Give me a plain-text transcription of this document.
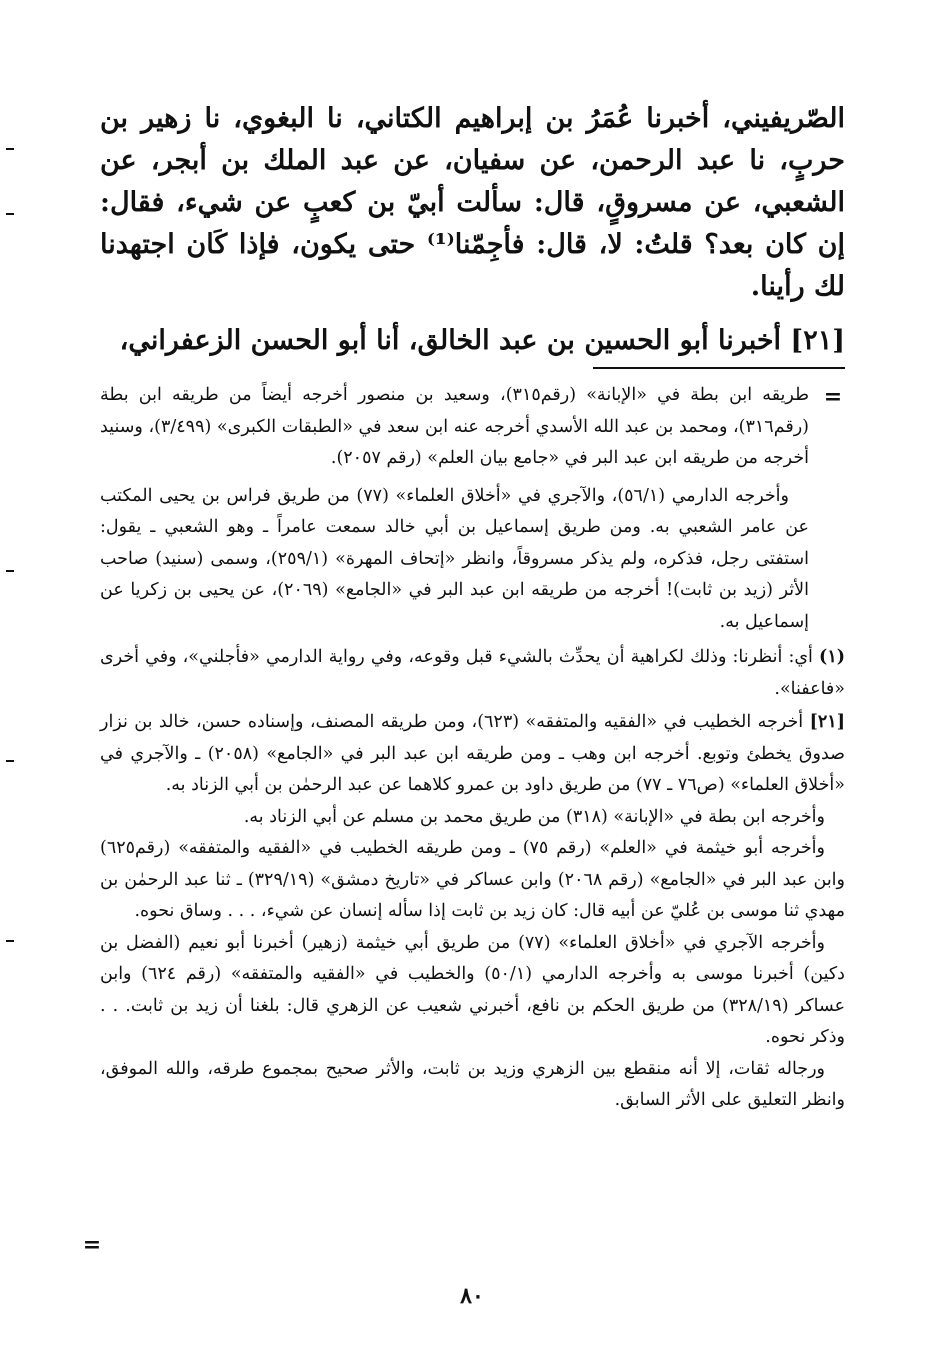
الصّريفيني، أخبرنا عُمَرُ بن إبراهيم الكتاني، نا البغوي، نا زهير بن حربٍ، نا عبد الرحمن، عن سفيان، عن عبد الملك بن أبجر، عن الشعبي، عن مسروقٍ، قال: سألت أبيّ بن كعبٍ عن شيء، فقال: إن كان بعد؟ قلتُ: لا، قال: فأجِمّنا⁽¹⁾ حتى يكون، فإذا كَان اجتهدنا لك رأينا.

[٢١] أخبرنا أبو الحسين بن عبد الخالق، أنا أبو الحسن الزعفراني،

=

طريقه ابن بطة في «الإبانة» (رقم٣١٥)، وسعيد بن منصور أخرجه أيضاً من طريقه ابن بطة (رقم٣١٦)، ومحمد بن عبد الله الأسدي أخرجه عنه ابن سعد في «الطبقات الكبرى» (٣/٤٩٩)، وسنيد أخرجه من طريقه ابن عبد البر في «جامع بيان العلم» (رقم ٢٠٥٧).

وأخرجه الدارمي (٥٦/١)، والآجري في «أخلاق العلماء» (٧٧) من طريق فراس بن يحيى المكتب عن عامر الشعبي به. ومن طريق إسماعيل بن أبي خالد سمعت عامراً ـ وهو الشعبي ـ يقول: استفتى رجل، فذكره، ولم يذكر مسروقاً، وانظر «إتحاف المهرة» (٢٥٩/١)، وسمى (سنيد) صاحب الأثر (زيد بن ثابت)! أخرجه من طريقه ابن عبد البر في «الجامع» (٢٠٦٩)، عن يحيى بن زكريا عن إسماعيل به.

(١) أي: أنظرنا: وذلك لكراهية أن يحدِّث بالشيء قبل وقوعه، وفي رواية الدارمي «فأجلني»، وفي أخرى «فاعفنا».

[٢١] أخرجه الخطيب في «الفقيه والمتفقه» (٦٢٣)، ومن طريقه المصنف، وإسناده حسن، خالد بن نزار صدوق يخطئ وتوبع. أخرجه ابن وهب ـ ومن طريقه ابن عبد البر في «الجامع» (٢٠٥٨) ـ والآجري في «أخلاق العلماء» (ص٧٦ ـ ٧٧) من طريق داود بن عمرو كلاهما عن عبد الرحمٰن بن أبي الزناد به.

وأخرجه ابن بطة في «الإبانة» (٣١٨) من طريق محمد بن مسلم عن أبي الزناد به.

وأخرجه أبو خيثمة في «العلم» (رقم ٧٥) ـ ومن طريقه الخطيب في «الفقيه والمتفقه» (رقم٦٢٥) وابن عبد البر في «الجامع» (رقم ٢٠٦٨) وابن عساكر في «تاريخ دمشق» (٣٢٩/١٩) ـ ثنا عبد الرحمٰن بن مهدي ثنا موسى بن عُليّ عن أبيه قال: كان زيد بن ثابت إذا سأله إنسان عن شيء، . . . وساق نحوه.

وأخرجه الآجري في «أخلاق العلماء» (٧٧) من طريق أبي خيثمة (زهير) أخبرنا أبو نعيم (الفضل بن دكين) أخبرنا موسى به وأخرجه الدارمي (٥٠/١) والخطيب في «الفقيه والمتفقه» (رقم ٦٢٤) وابن عساكر (٣٢٨/١٩) من طريق الحكم بن نافع، أخبرني شعيب عن الزهري قال: بلغنا أن زيد بن ثابت. . . وذكر نحوه.

ورجاله ثقات، إلا أنه منقطع بين الزهري وزيد بن ثابت، والأثر صحيح بمجموع طرقه، والله الموفق، وانظر التعليق على الأثر السابق.

=
٨٠
